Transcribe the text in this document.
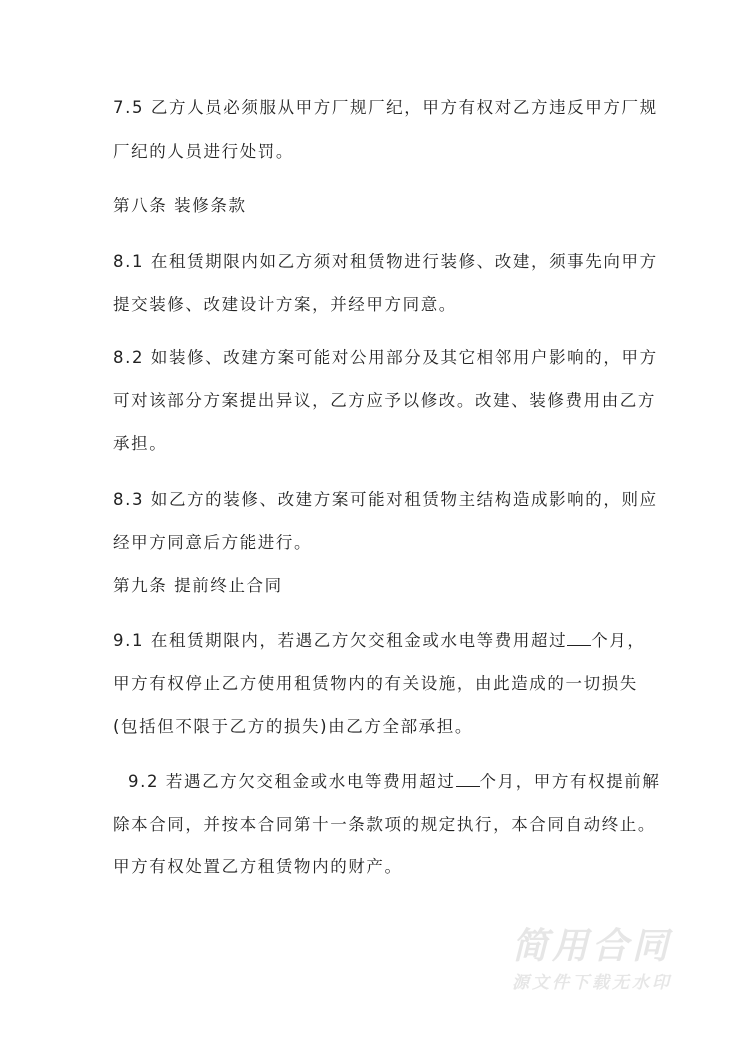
7.5 乙方人员必须服从甲方厂规厂纪，甲方有权对乙方违反甲方厂规
厂纪的人员进行处罚。
第八条 装修条款
8.1 在租赁期限内如乙方须对租赁物进行装修、改建，须事先向甲方
提交装修、改建设计方案，并经甲方同意。
8.2 如装修、改建方案可能对公用部分及其它相邻用户影响的，甲方
可对该部分方案提出异议，乙方应予以修改。改建、装修费用由乙方
承担。
8.3 如乙方的装修、改建方案可能对租赁物主结构造成影响的，则应
经甲方同意后方能进行。
第九条 提前终止合同
9.1 在租赁期限内，若遇乙方欠交租金或水电等费用超过 个月，
甲方有权停止乙方使用租赁物内的有关设施，由此造成的一切损失
(包括但不限于乙方的损失)由乙方全部承担。
9.2 若遇乙方欠交租金或水电等费用超过 个月，甲方有权提前解
除本合同，并按本合同第十一条款项的规定执行，本合同自动终止。
甲方有权处置乙方租赁物内的财产。
简用合同
源文件下载无水印
